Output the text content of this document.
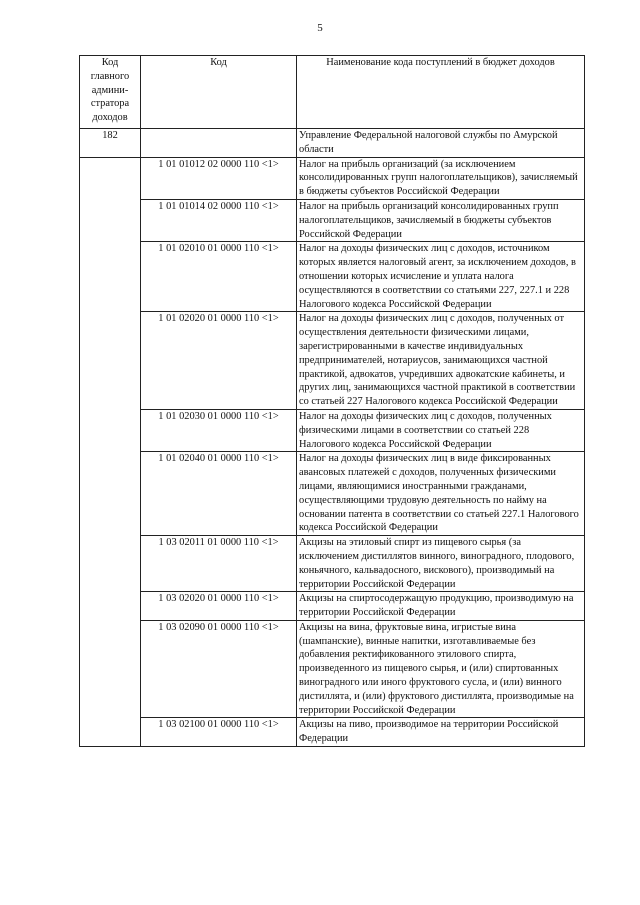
5
Код главного админи-стратора доходов	Код	Наименование кода поступлений в бюджет доходов
182		Управление Федеральной налоговой службы по Амурской области
	1 01 01012 02 0000 110 <1>	Налог на прибыль организаций (за исключением консолидированных групп налогоплательщиков), зачисляемый в бюджеты субъектов Российской Федерации
	1 01 01014 02 0000 110 <1>	Налог на прибыль организаций консолидированных групп налогоплательщиков, зачисляемый в бюджеты субъектов Российской Федерации
	1 01 02010 01 0000 110 <1>	Налог на доходы физических лиц с доходов, источником которых является налоговый агент, за исключением доходов, в отношении которых исчисление и уплата налога осуществляются в соответствии со статьями 227, 227.1 и 228 Налогового кодекса Российской Федерации
	1 01 02020 01 0000 110 <1>	Налог на доходы физических лиц с доходов, полученных от осуществления деятельности физическими лицами, зарегистрированными в качестве индивидуальных предпринимателей, нотариусов, занимающихся частной практикой, адвокатов, учредивших адвокатские кабинеты, и других лиц, занимающихся частной практикой в соответствии со статьей 227 Налогового кодекса Российской Федерации
	1 01 02030 01 0000 110 <1>	Налог на доходы физических лиц с доходов, полученных физическими лицами в соответствии со статьей 228 Налогового кодекса Российской Федерации
	1 01 02040 01 0000 110 <1>	Налог на доходы физических лиц в виде фиксированных авансовых платежей с доходов, полученных физическими лицами, являющимися иностранными гражданами, осуществляющими трудовую деятельность по найму на основании патента в соответствии со статьей 227.1 Налогового кодекса Российской Федерации
	1 03 02011 01 0000 110 <1>	Акцизы на этиловый спирт из пищевого сырья (за исключением дистиллятов винного, виноградного, плодового, коньячного, кальвадосного, вискового), производимый на территории Российской Федерации
	1 03 02020 01 0000 110 <1>	Акцизы на спиртосодержащую продукцию, производимую на территории Российской Федерации
	1 03 02090 01 0000 110 <1>	Акцизы на вина, фруктовые вина, игристые вина (шампанские), винные напитки, изготавливаемые без добавления ректификованного этилового спирта, произведенного из пищевого сырья, и (или) спиртованных виноградного или иного фруктового сусла, и (или) винного дистиллята, и (или) фруктового дистиллята, производимые на территории Российской Федерации
	1 03 02100 01 0000 110 <1>	Акцизы на пиво, производимое на территории Российской Федерации
